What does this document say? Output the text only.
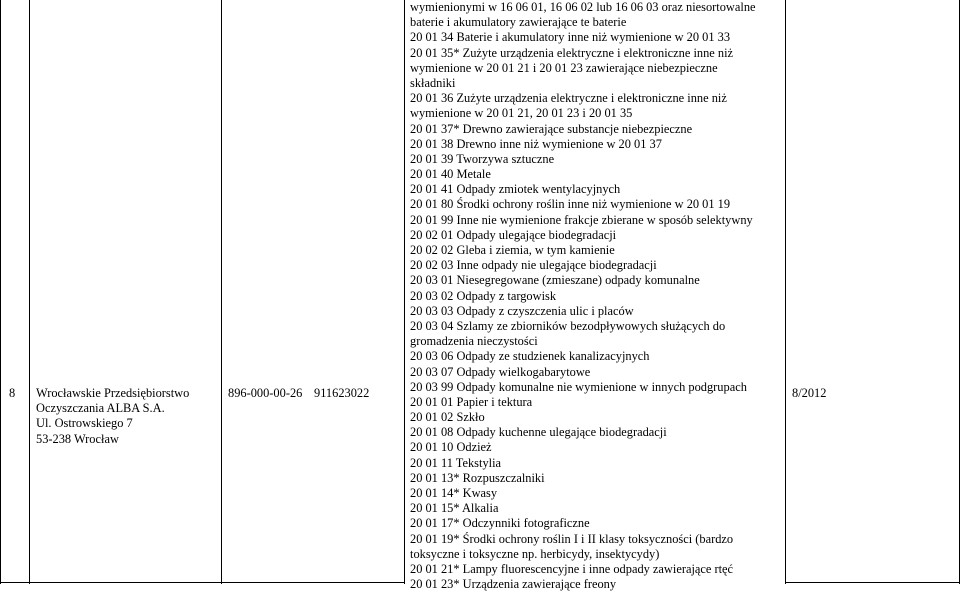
8 Wrocławskie Przedsiębiorstwo
Oczyszczania ALBA S.A.
Ul. Ostrowskiego 7
53-238 Wrocław
896-000-00-26 911623022
wymienionymi w 16 06 01, 16 06 02 lub 16 06 03 oraz niesortowalne
baterie i akumulatory zawierające te baterie
20 01 34 Baterie i akumulatory inne niż wymienione w 20 01 33
20 01 35* Zużyte urządzenia elektryczne i elektroniczne inne niż
wymienione w 20 01 21 i 20 01 23 zawierające niebezpieczne
składniki
20 01 36 Zużyte urządzenia elektryczne i elektroniczne inne niż
wymienione w 20 01 21, 20 01 23 i 20 01 35
20 01 37* Drewno zawierające substancje niebezpieczne
20 01 38 Drewno inne niż wymienione w 20 01 37
20 01 39 Tworzywa sztuczne
20 01 40 Metale
20 01 41 Odpady zmiotek wentylacyjnych
20 01 80 Środki ochrony roślin inne niż wymienione w 20 01 19
20 01 99 Inne nie wymienione frakcje zbierane w sposób selektywny
20 02 01 Odpady ulegające biodegradacji
20 02 02 Gleba i ziemia, w tym kamienie
20 02 03 Inne odpady nie ulegające biodegradacji
20 03 01 Niesegregowane (zmieszane) odpady komunalne
20 03 02 Odpady z targowisk
20 03 03 Odpady z czyszczenia ulic i placów
20 03 04 Szlamy ze zbiorników bezodpływowych służących do
gromadzenia nieczystości
20 03 06 Odpady ze studzienek kanalizacyjnych
20 03 07 Odpady wielkogabarytowe
20 03 99 Odpady komunalne nie wymienione w innych podgrupach
20 01 01 Papier i tektura
20 01 02 Szkło
20 01 08 Odpady kuchenne ulegające biodegradacji
20 01 10 Odzież
20 01 11 Tekstylia
20 01 13* Rozpuszczalniki
20 01 14* Kwasy
20 01 15* Alkalia
20 01 17* Odczynniki fotograficzne
20 01 19* Środki ochrony roślin I i II klasy toksyczności (bardzo
toksyczne i toksyczne np. herbicydy, insektycydy)
20 01 21* Lampy fluorescencyjne i inne odpady zawierające rtęć
20 01 23* Urządzenia zawierające freony
8/2012
